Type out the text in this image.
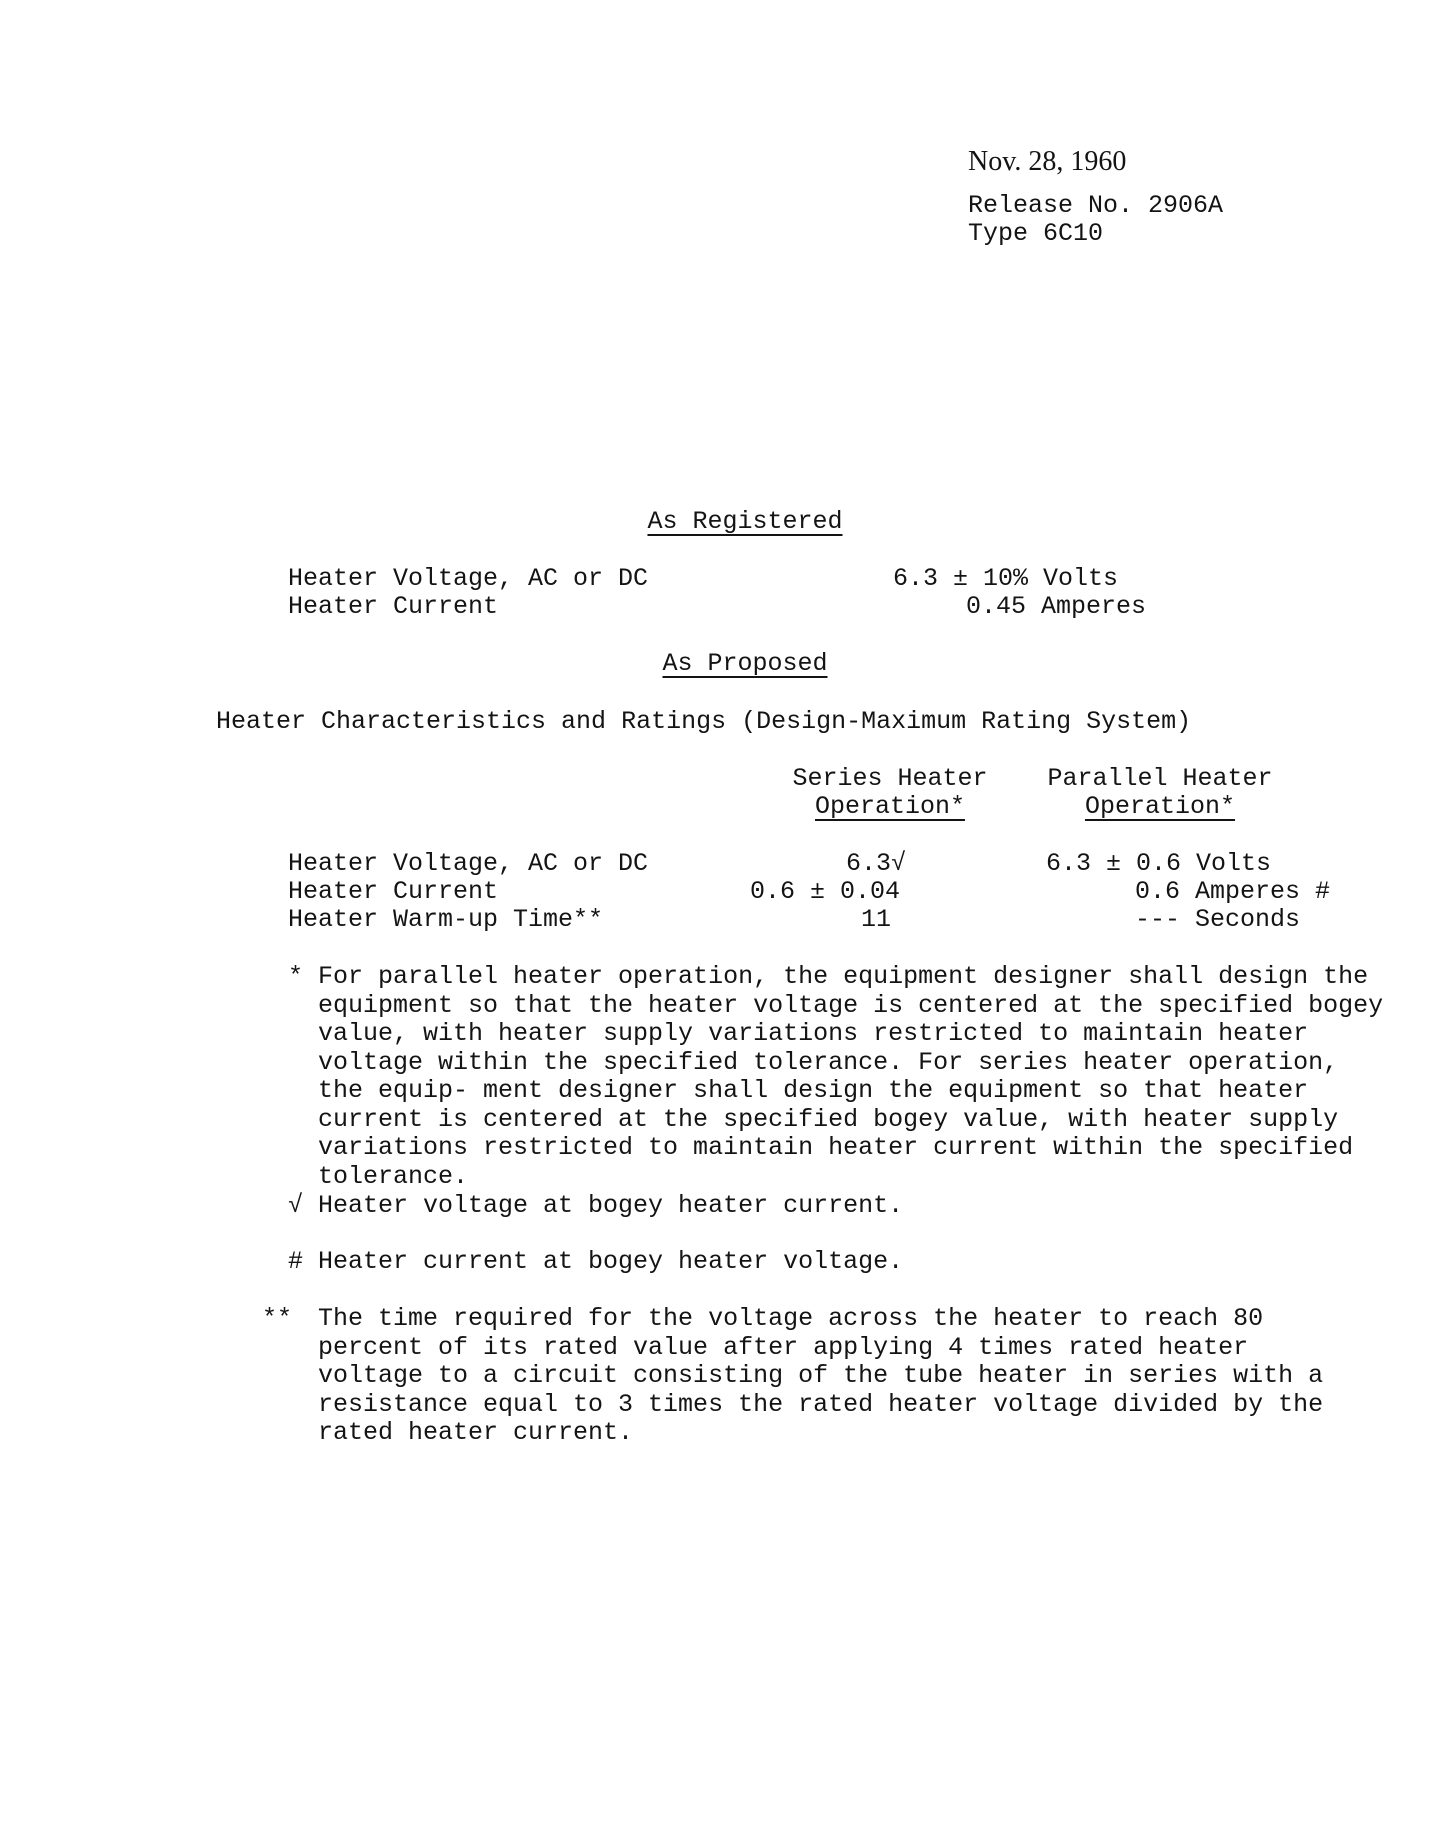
Nov. 28, 1960
Release No. 2906A
Type 6C10
As Registered
Heater Voltage, AC or DC	6.3 ± 10% Volts
Heater Current	0.45 Amperes
As Proposed
Heater Characteristics and Ratings (Design-Maximum Rating System)
Series Heater
Operation*
Parallel Heater
Operation*
Heater Voltage, AC or DC	6.3√	6.3 ± 0.6 Volts
Heater Current	0.6 ± 0.04	0.6 Amperes #
Heater Warm-up Time**	11	--- Seconds
* For parallel heater operation, the equipment designer shall design the equipment so that the heater voltage is centered at the specified bogey value, with heater supply variations restricted to maintain heater voltage within the specified tolerance. For series heater operation, the equip- ment designer shall design the equipment so that heater current is centered at the specified bogey value, with heater supply variations restricted to maintain heater current within the specified tolerance.
√ Heater voltage at bogey heater current.
# Heater current at bogey heater voltage.
** The time required for the voltage across the heater to reach 80 percent of its rated value after applying 4 times rated heater voltage to a circuit consisting of the tube heater in series with a resistance equal to 3 times the rated heater voltage divided by the rated heater current.
